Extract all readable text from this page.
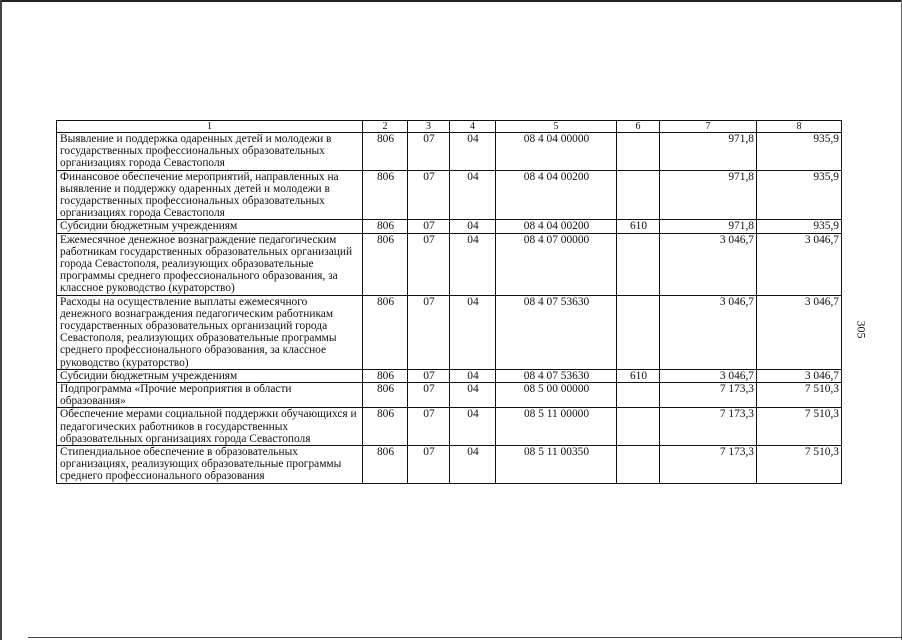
1	2	3	4	5	6	7	8
Выявление и поддержка одаренных детей и молодежи в государственных профессиональных образовательных организациях города Севастополя	806	07	04	08 4 04 00000		971,8	935,9
Финансовое обеспечение мероприятий, направленных на выявление и поддержку одаренных детей и молодежи в государственных профессиональных образовательных организациях города Севастополя	806	07	04	08 4 04 00200		971,8	935,9
Субсидии бюджетным учреждениям	806	07	04	08 4 04 00200	610	971,8	935,9
Ежемесячное денежное вознаграждение педагогическим работникам государственных образовательных организаций города Севастополя, реализующих образовательные программы среднего профессионального образования, за классное руководство (кураторство)	806	07	04	08 4 07 00000		3 046,7	3 046,7
Расходы на осуществление выплаты ежемесячного денежного вознаграждения педагогическим работникам государственных образовательных организаций города Севастополя, реализующих образовательные программы среднего профессионального образования, за классное руководство (кураторство)	806	07	04	08 4 07 53630		3 046,7	3 046,7
Субсидии бюджетным учреждениям	806	07	04	08 4 07 53630	610	3 046,7	3 046,7
Подпрограмма «Прочие мероприятия в области образования»	806	07	04	08 5 00 00000		7 173,3	7 510,3
Обеспечение мерами социальной поддержки обучающихся и педагогических работников в государственных образовательных организациях города Севастополя	806	07	04	08 5 11 00000		7 173,3	7 510,3
Стипендиальное обеспечение в образовательных организациях, реализующих образовательные программы среднего профессионального образования	806	07	04	08 5 11 00350		7 173,3	7 510,3
305
